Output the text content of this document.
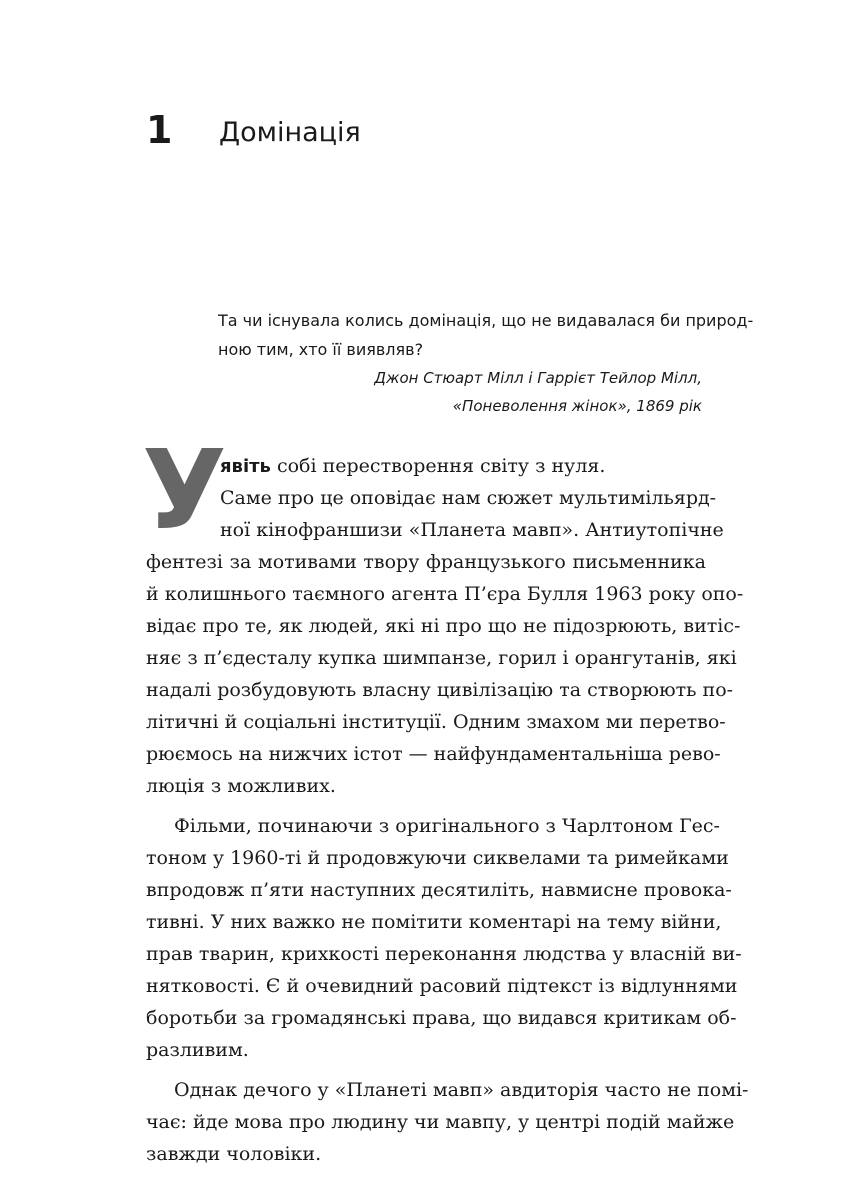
1 Домінація
Та чи існувала колись домінація, що не видавалася би природ-
ною тим, хто її виявляв?
Джон Стюарт Мілл і Гаррієт Тейлор Мілл,
«Поневолення жінок», 1869 рік
У
явіть собі перестворення світу з нуля.
Саме про це оповідає нам сюжет мультимільярд-
ної кінофраншизи «Планета мавп». Антиутопічне
фентезі за мотивами твору французького письменника
й колишнього таємного агента П’єра Булля 1963 року опо-
відає про те, як людей, які ні про що не підозрюють, витіс-
няє з п’єдесталу купка шимпанзе, горил і орангутанів, які
надалі розбудовують власну цивілізацію та створюють по-
літичні й соціальні інституції. Одним змахом ми перетво-
рюємось на нижчих істот — найфундаментальніша рево-
люція з можливих.
Фільми, починаючи з оригінального з Чарлтоном Гес-
тоном у 1960-ті й продовжуючи сиквелами та римейками
впродовж п’яти наступних десятиліть, навмисне провока-
тивні. У них важко не помітити коментарі на тему війни,
прав тварин, крихкості переконання людства у власній ви-
нятковості. Є й очевидний расовий підтекст із відлуннями
боротьби за громадянські права, що видався критикам об-
разливим.
Однак дечого у «Планеті мавп» авдиторія часто не помі-
чає: йде мова про людину чи мавпу, у центрі подій майже
завжди чоловіки.
